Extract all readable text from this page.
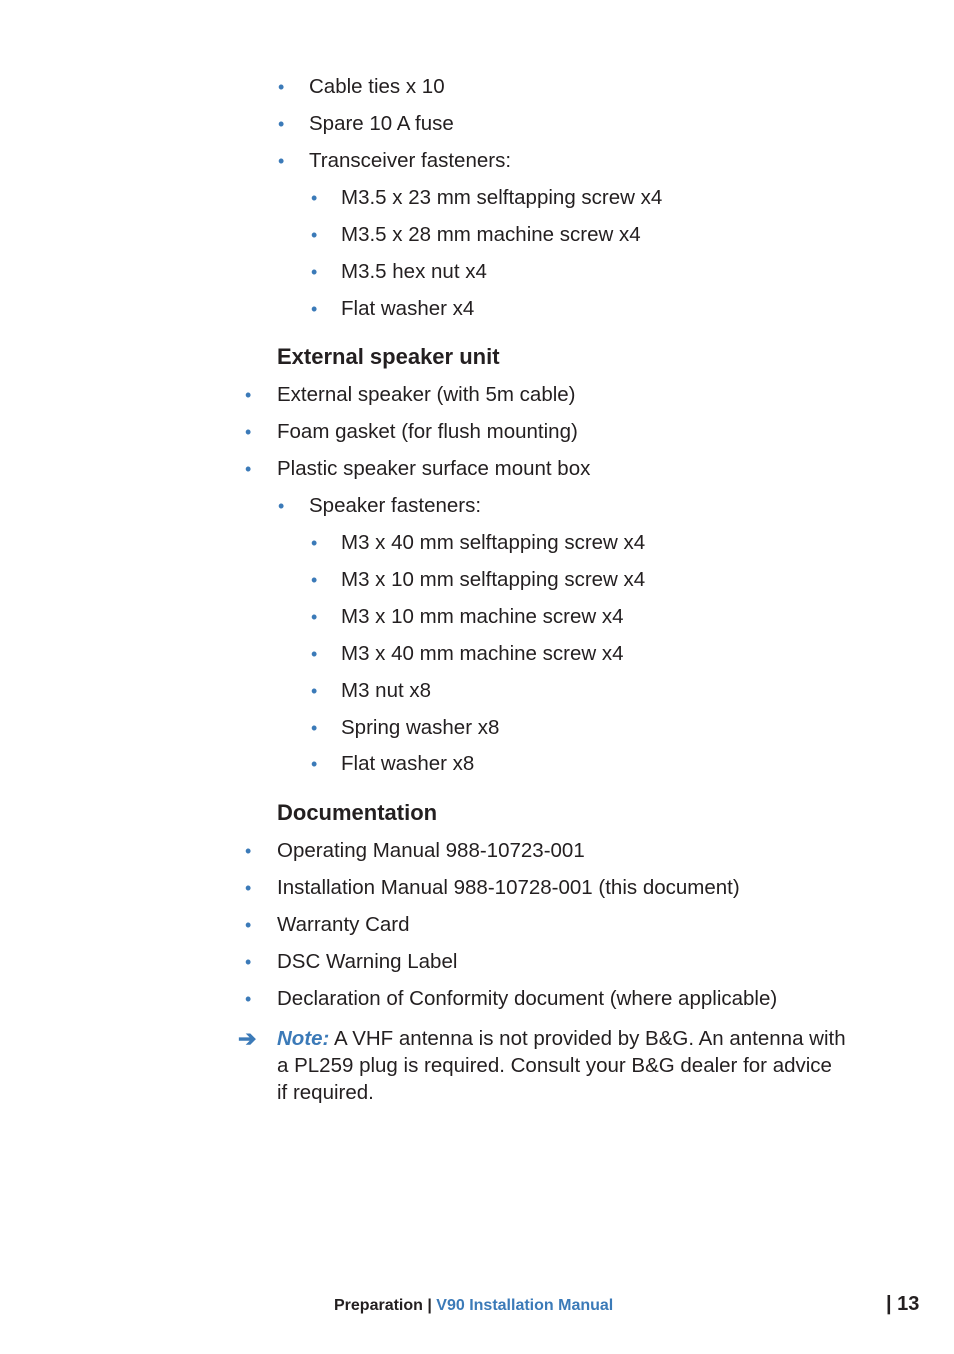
• Cable ties x 10
• Spare 10 A fuse
• Transceiver fasteners:
• M3.5 x 23 mm selftapping screw x4
• M3.5 x 28 mm machine screw x4
• M3.5 hex nut x4
• Flat washer x4
External speaker unit
• External speaker (with 5m cable)
• Foam gasket (for flush mounting)
• Plastic speaker surface mount box
• Speaker fasteners:
• M3 x 40 mm selftapping screw x4
• M3 x 10 mm selftapping screw x4
• M3 x 10 mm machine screw x4
• M3 x 40 mm machine screw x4
• M3 nut x8
• Spring washer x8
• Flat washer x8
Documentation
• Operating Manual 988-10723-001
• Installation Manual 988-10728-001 (this document)
• Warranty Card
• DSC Warning Label
• Declaration of Conformity document (where applicable)
➔ Note: A VHF antenna is not provided by B&G. An antenna with a PL259 plug is required. Consult your B&G dealer for advice if required.
Preparation | V90 Installation Manual	| 13
